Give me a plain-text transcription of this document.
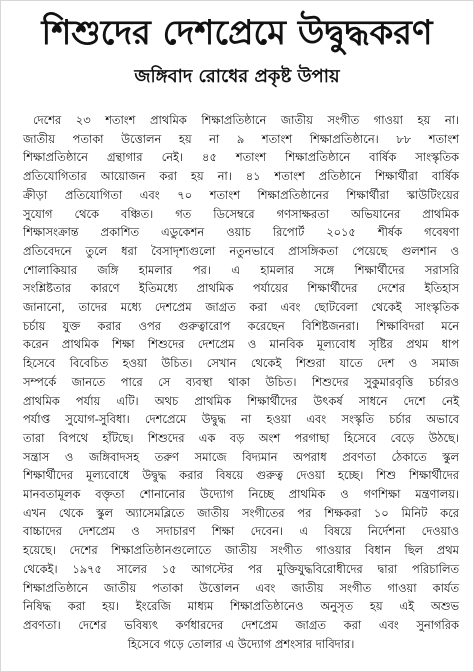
শিশুদের দেশপ্রেমে উদ্বুদ্ধকরণ
জঙ্গিবাদ রোধের প্রকৃষ্ট উপায়
দেশের ২৩ শতাংশ প্রাথমিক শিক্ষাপ্রতিষ্ঠানে জাতীয় সংগীত গাওয়া হয় না।
জাতীয় পতাকা উত্তোলন হয় না ৯ শতাংশ শিক্ষাপ্রতিষ্ঠানে। ৮৮ শতাংশ
শিক্ষাপ্রতিষ্ঠানে গ্রন্থাগার নেই। ৪৫ শতাংশ শিক্ষাপ্রতিষ্ঠানে বার্ষিক সাংস্কৃতিক
প্রতিযোগিতার আয়োজন করা হয় না। ৪১ শতাংশ প্রতিষ্ঠানে শিক্ষার্থীরা বার্ষিক
ক্রীড়া প্রতিযোগিতা এবং ৭০ শতাংশ শিক্ষাপ্রতিষ্ঠানের শিক্ষার্থীরা স্কাউটিংয়ের
সুযোগ থেকে বঞ্চিত। গত ডিসেম্বরে গণসাক্ষরতা অভিযানের প্রাথমিক
শিক্ষাসংক্রান্ত প্রকাশিত এডুকেশন ওয়াচ রিপোর্ট ২০১৫ শীর্ষক গবেষণা
প্রতিবেদনে তুলে ধরা বৈসাদৃশ্যগুলো নতুনভাবে প্রাসঙ্গিকতা পেয়েছে গুলশান ও
শোলাকিয়ার জঙ্গি হামলার পর। এ হামলার সঙ্গে শিক্ষার্থীদের সরাসরি
সংশ্লিষ্টতার কারণে ইতিমধ্যে প্রাথমিক পর্যায়ের শিক্ষার্থীদের দেশের ইতিহাস
জানানো, তাদের মধ্যে দেশপ্রেম জাগ্রত করা এবং ছোটবেলা থেকেই সাংস্কৃতিক
চর্চায় যুক্ত করার ওপর গুরুত্বারোপ করেছেন বিশিষ্টজনরা। শিক্ষাবিদরা মনে
করেন প্রাথমিক শিক্ষা শিশুদের দেশপ্রেম ও মানবিক মূল্যবোধ সৃষ্টির প্রথম ধাপ
হিসেবে বিবেচিত হওয়া উচিত। সেখান থেকেই শিশুরা যাতে দেশ ও সমাজ
সম্পর্কে জানতে পারে সে ব্যবস্থা থাকা উচিত। শিশুদের সুকুমারবৃত্তি চর্চারও
প্রাথমিক পর্যায় এটি। অথচ প্রাথমিক শিক্ষার্থীদের উৎকর্ষ সাধনে দেশে নেই
পর্যাপ্ত সুযোগ-সুবিধা। দেশপ্রেমে উদ্বুদ্ধ না হওয়া এবং সংস্কৃতি চর্চার অভাবে
তারা বিপথে হাঁটছে। শিশুদের এক বড় অংশ পরগাছা হিসেবে বেড়ে উঠছে।
সন্ত্রাস ও জঙ্গিবাদসহ তরুণ সমাজে বিদ্যমান অপরাধ প্রবণতা ঠেকাতে স্কুল
শিক্ষার্থীদের মূল্যবোধে উদ্বুদ্ধ করার বিষয়ে গুরুত্ব দেওয়া হচ্ছে। শিশু শিক্ষার্থীদের
মানবতামূলক বক্তৃতা শোনানোর উদ্যোগ নিচ্ছে প্রাথমিক ও গণশিক্ষা মন্ত্রণালয়।
এখন থেকে স্কুল অ্যাসেমব্লিতে জাতীয় সংগীতের পর শিক্ষকরা ১০ মিনিট করে
বাচ্চাদের দেশপ্রেম ও সদাচারণ শিক্ষা দেবেন। এ বিষয়ে নির্দেশনা দেওয়াও
হয়েছে। দেশের শিক্ষাপ্রতিষ্ঠানগুলোতে জাতীয় সংগীত গাওয়ার বিধান ছিল প্রথম
থেকেই। ১৯৭৫ সালের ১৫ আগস্টের পর মুক্তিযুদ্ধবিরোধীদের দ্বারা পরিচালিত
শিক্ষাপ্রতিষ্ঠানে জাতীয় পতাকা উত্তোলন এবং জাতীয় সংগীত গাওয়া কার্যত
নিষিদ্ধ করা হয়। ইংরেজি মাধ্যম শিক্ষাপ্রতিষ্ঠানেও অনুসৃত হয় এই অশুভ
প্রবণতা। দেশের ভবিষ্যৎ কর্ণধারদের দেশপ্রেম জাগ্রত করা এবং সুনাগরিক
হিসেবে গড়ে তোলার এ উদ্যোগ প্রশংসার দাবিদার।
